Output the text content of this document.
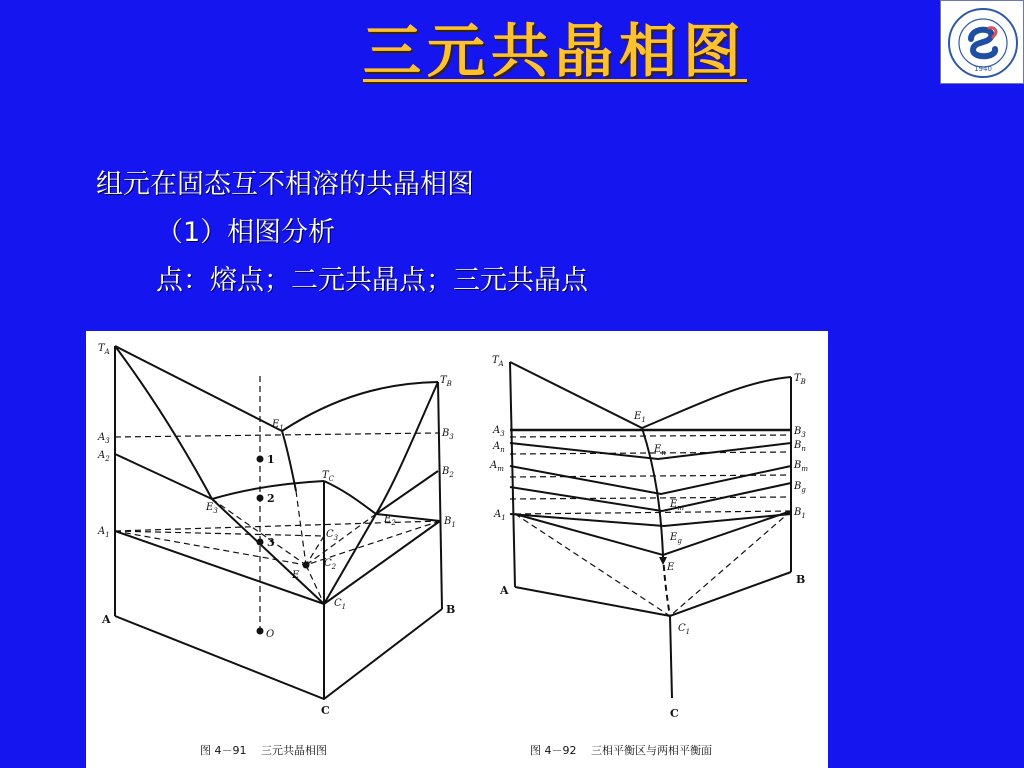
三元共晶相图	1940
组元在固态互不相溶的共晶相图
（1）相图分析
点：熔点；二元共晶点；三元共晶点
$T_A$
$T_B$
$T_C$
$A_3$
$A_2$
$A_1$
A
$B_3$
$B_2$
$B_1$
B
C
$C_1$
$C_2$
$C_3$
$E_1$
$E_2$
$E_3$
E
O
1
2
3
$T_A$
$T_B$
$A_3$
$A_n$
$A_m$
$A_1$
A
$B_3$
$B_n$
$B_m$
$B_g$
$B_1$
B
C
$C_1$
$E_1$
$E_n$
$E_m$
$E_g$
E
图 4－91　 三元共晶相图	图 4－92　 三相平衡区与两相平衡面
